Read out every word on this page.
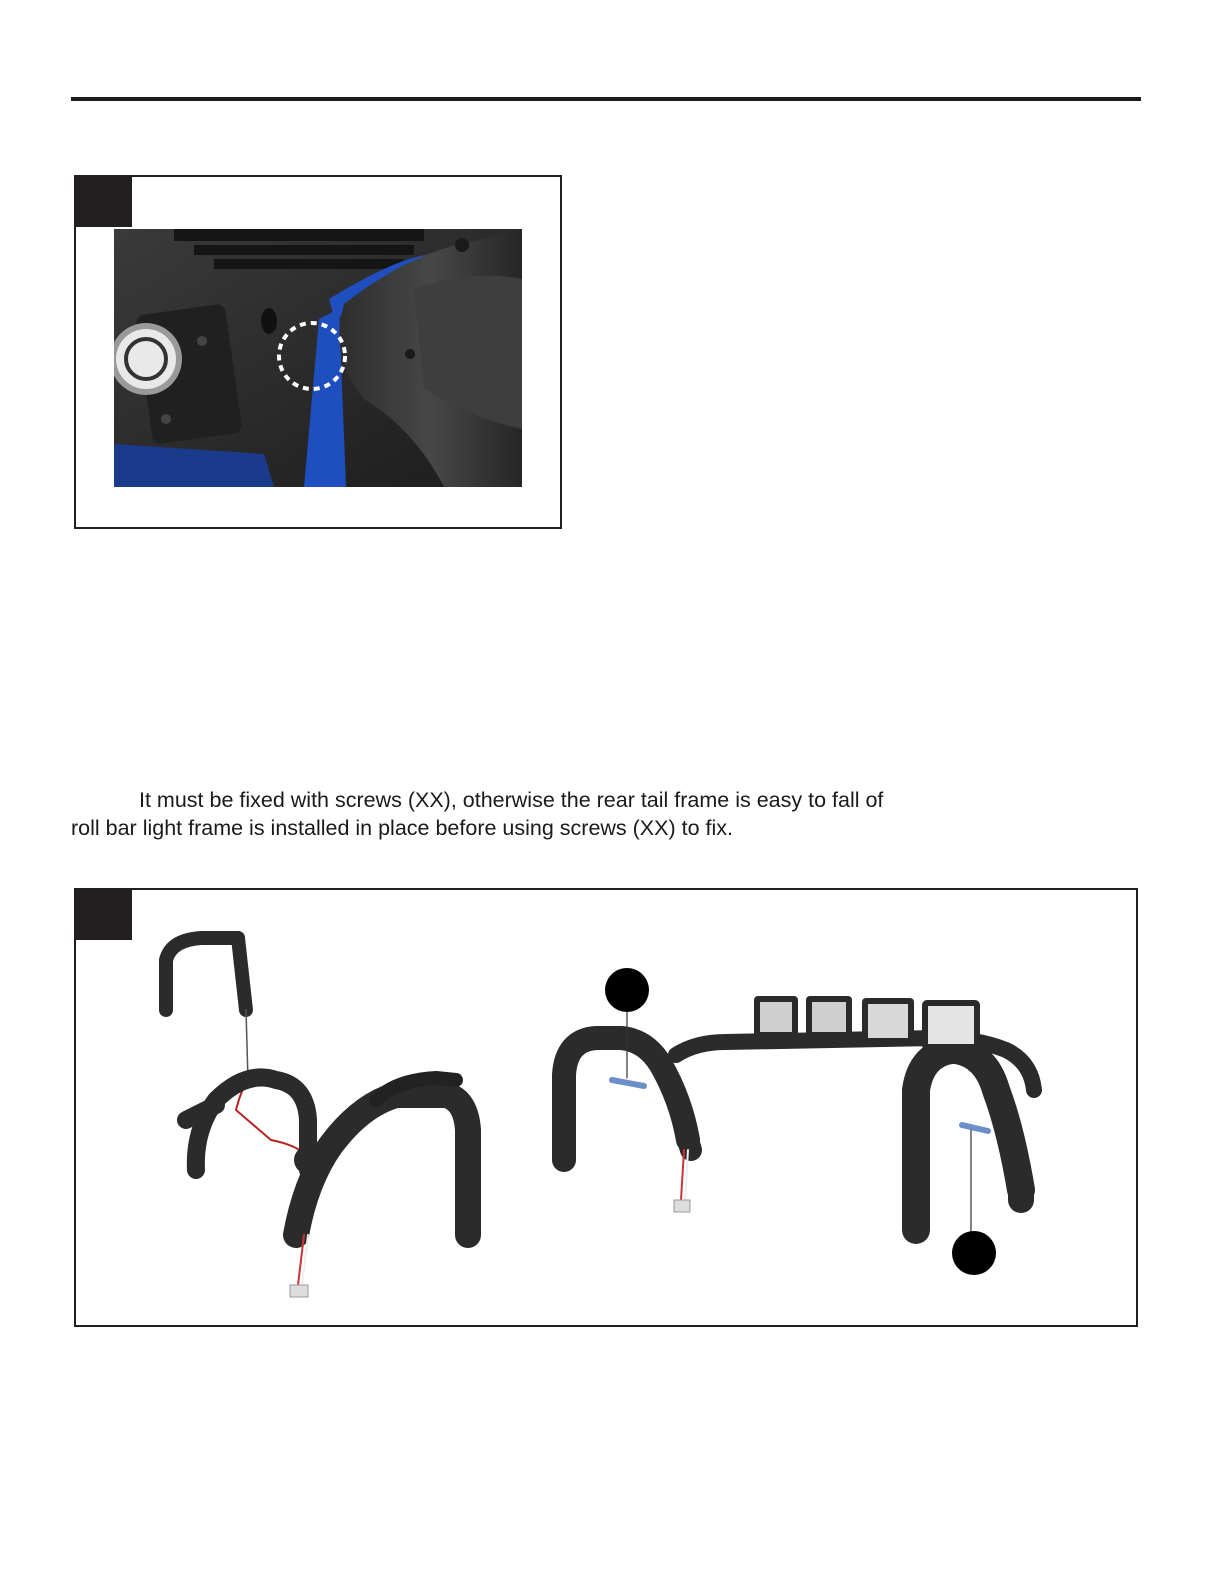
It must be fixed with screws (XX), otherwise the rear tail frame is easy to fall of

roll bar light frame is installed in place before using screws (XX) to fix.
